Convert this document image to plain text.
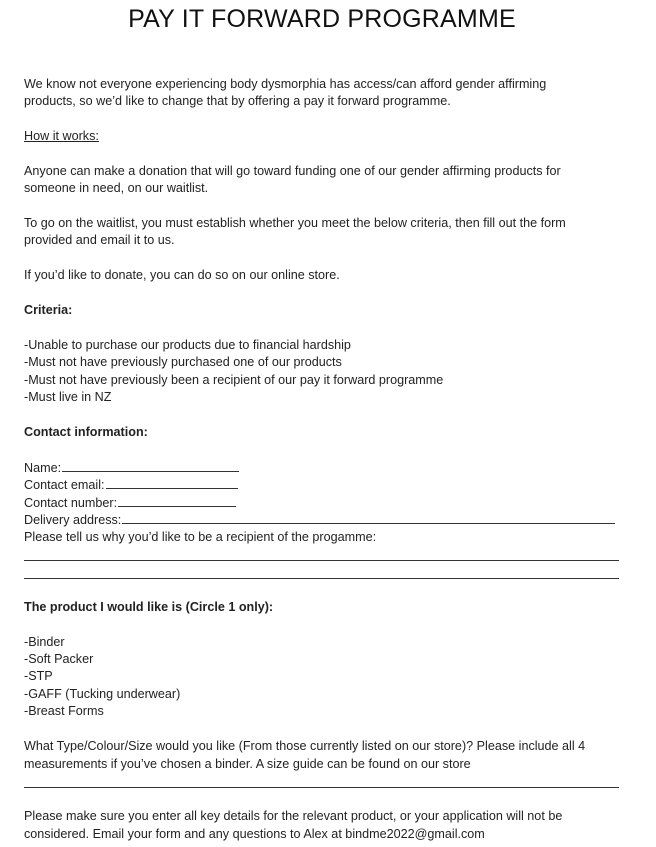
PAY IT FORWARD PROGRAMME
We know not everyone experiencing body dysmorphia has access/can afford gender affirming
products, so we’d like to change that by offering a pay it forward programme.
How it works:
Anyone can make a donation that will go toward funding one of our gender affirming products for
someone in need, on our waitlist.
To go on the waitlist, you must establish whether you meet the below criteria, then fill out the form
provided and email it to us.
If you’d like to donate, you can do so on our online store.
Criteria:
-Unable to purchase our products due to financial hardship
-Must not have previously purchased one of our products
-Must not have previously been a recipient of our pay it forward programme
-Must live in NZ
Contact information:
Name:
Contact email:
Contact number:
Delivery address:
Please tell us why you’d like to be a recipient of the progamme:
The product I would like is (Circle 1 only):
-Binder
-Soft Packer
-STP
-GAFF (Tucking underwear)
-Breast Forms
What Type/Colour/Size would you like (From those currently listed on our store)? Please include all 4
measurements if you’ve chosen a binder. A size guide can be found on our store
Please make sure you enter all key details for the relevant product, or your application will not be
considered. Email your form and any questions to Alex at bindme2022@gmail.com
